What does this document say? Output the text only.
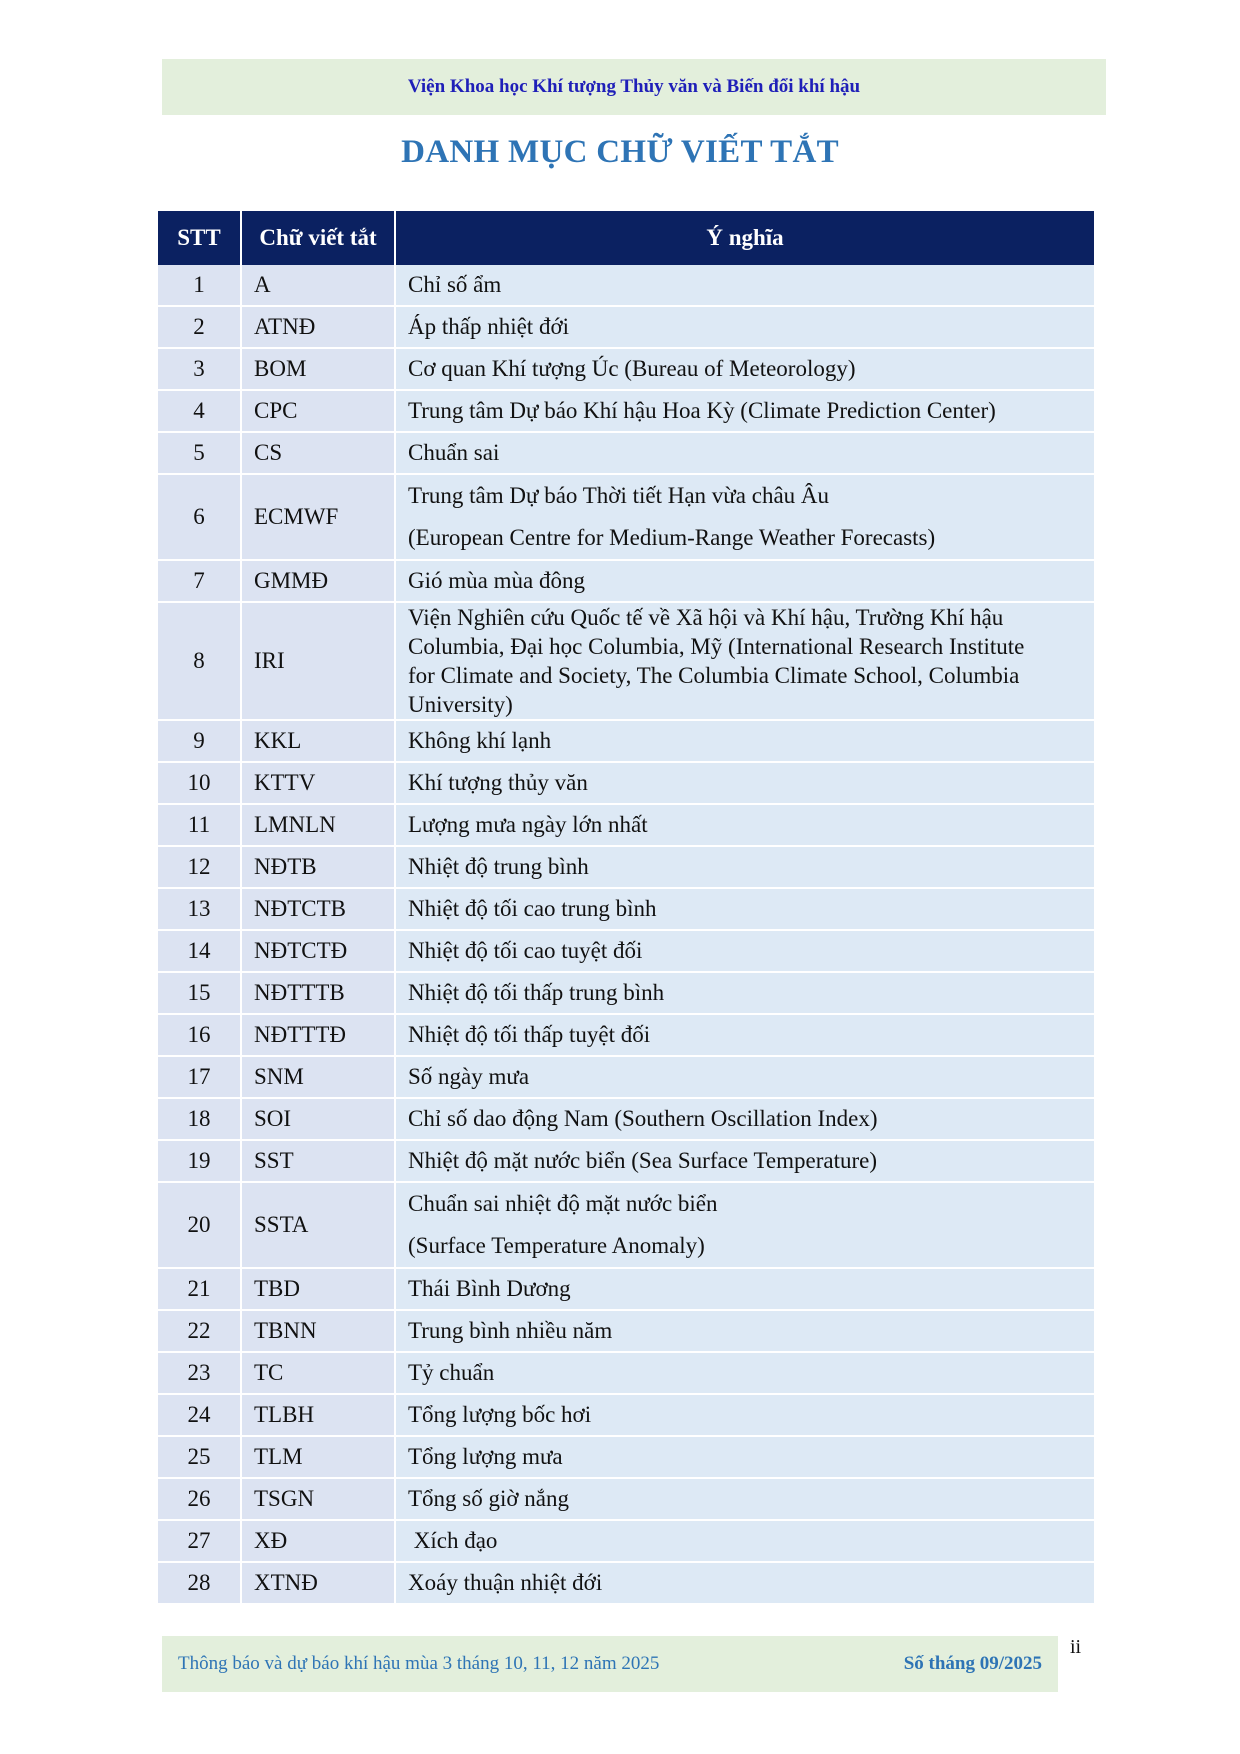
Viện Khoa học Khí tượng Thủy văn và Biến đổi khí hậu
DANH MỤC CHỮ VIẾT TẮT
STT	Chữ viết tắt	Ý nghĩa
1	A	Chỉ số ẩm

2	ATNĐ	Áp thấp nhiệt đới

3	BOM	Cơ quan Khí tượng Úc (Bureau of Meteorology)

4	CPC	Trung tâm Dự báo Khí hậu Hoa Kỳ (Climate Prediction Center)

5	CS	Chuẩn sai

6	ECMWF	Trung tâm Dự báo Thời tiết Hạn vừa châu Âu
(European Centre for Medium-Range Weather Forecasts)

7	GMMĐ	Gió mùa mùa đông

8	IRI	Viện Nghiên cứu Quốc tế về Xã hội và Khí hậu, Trường Khí hậu
Columbia, Đại học Columbia, Mỹ (International Research Institute
for Climate and Society, The Columbia Climate School, Columbia
University)

9	KKL	Không khí lạnh

10	KTTV	Khí tượng thủy văn

11	LMNLN	Lượng mưa ngày lớn nhất

12	NĐTB	Nhiệt độ trung bình

13	NĐTCTB	Nhiệt độ tối cao trung bình

14	NĐTCTĐ	Nhiệt độ tối cao tuyệt đối

15	NĐTTTB	Nhiệt độ tối thấp trung bình

16	NĐTTTĐ	Nhiệt độ tối thấp tuyệt đối

17	SNM	Số ngày mưa

18	SOI	Chỉ số dao động Nam (Southern Oscillation Index)

19	SST	Nhiệt độ mặt nước biển (Sea Surface Temperature)

20	SSTA	Chuẩn sai nhiệt độ mặt nước biển
(Surface Temperature Anomaly)

21	TBD	Thái Bình Dương

22	TBNN	Trung bình nhiều năm

23	TC	Tỷ chuẩn

24	TLBH	Tổng lượng bốc hơi

25	TLM	Tổng lượng mưa

26	TSGN	Tổng số giờ nắng

27	XĐ	Xích đạo

28	XTNĐ	Xoáy thuận nhiệt đới
Thông báo và dự báo khí hậu mùa 3 tháng 10, 11, 12 năm 2025	Số tháng 09/2025
ii
